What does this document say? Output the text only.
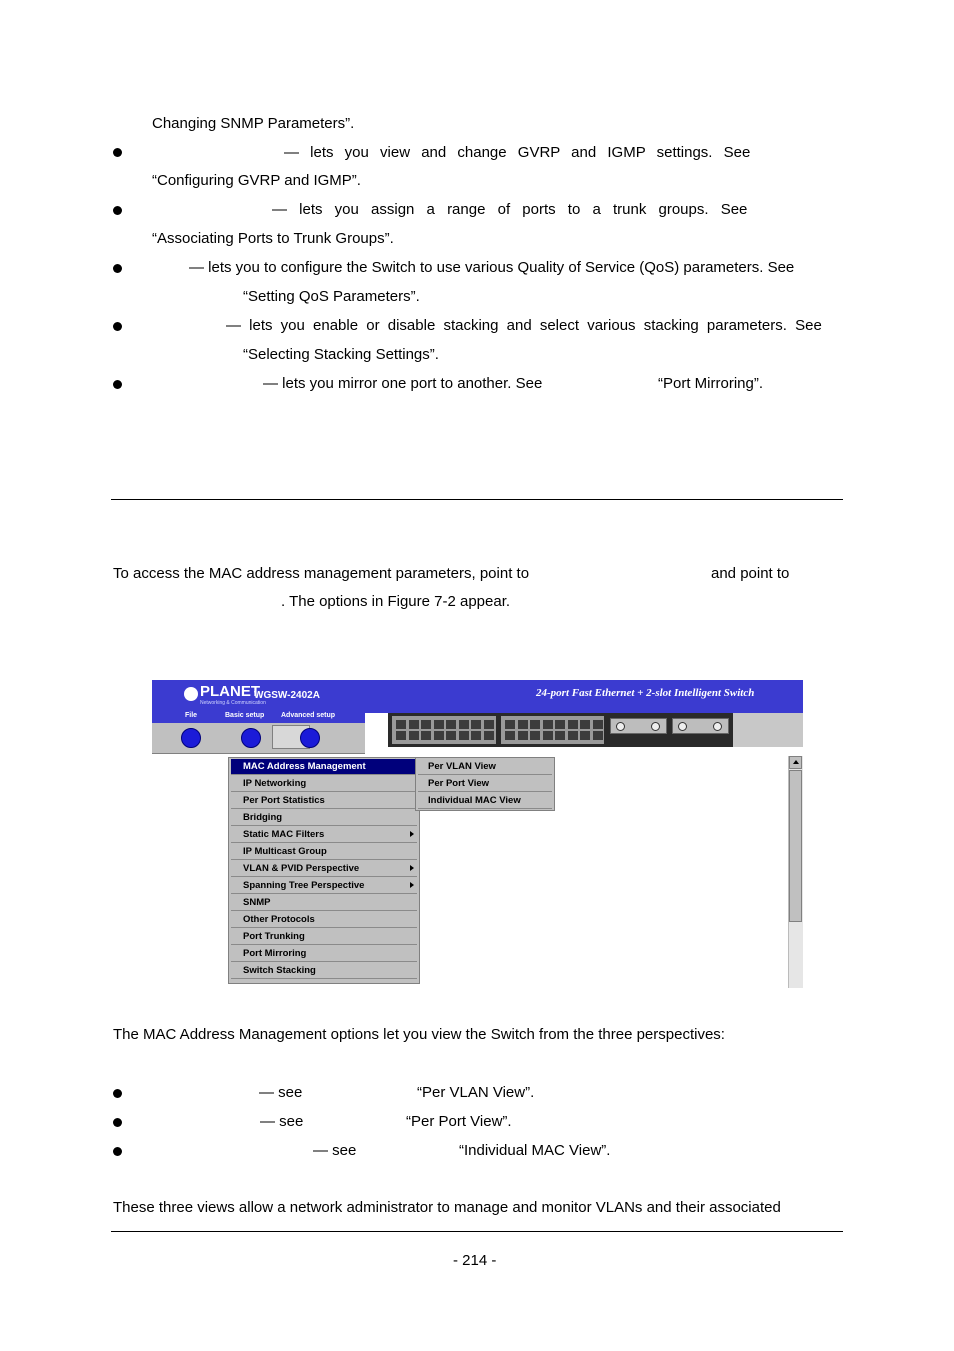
Changing SNMP Parameters”.
— lets you view and change GVRP and IGMP settings. See
“Configuring GVRP and IGMP”.
— lets you assign a range of ports to a trunk groups. See
“Associating Ports to Trunk Groups”.
— lets you to configure the Switch to use various Quality of Service (QoS) parameters. See
“Setting QoS Parameters”.
— lets you enable or disable stacking and select various stacking parameters. See
“Selecting Stacking Settings”.
— lets you mirror one port to another. See	“Port Mirroring”.
To access the MAC address management parameters, point to	and point to
. The options in Figure 7-2 appear.
PLANET
Networking & Communication
WGSW-2402A	24-port Fast Ethernet + 2-slot Intelligent Switch
File	Basic setup Advanced setup
MAC Address Management
IP Networking
Per Port Statistics
Bridging
Static MAC Filters
IP Multicast Group
VLAN & PVID Perspective
Spanning Tree Perspective
SNMP
Other Protocols
Port Trunking
Port Mirroring
Switch Stacking
Per VLAN View
Per Port View
Individual MAC View
The MAC Address Management options let you view the Switch from the three perspectives:
— see	“Per VLAN View”.
— see	“Per Port View”.
— see	“Individual MAC View”.
These three views allow a network administrator to manage and monitor VLANs and their associated
- 214 -
